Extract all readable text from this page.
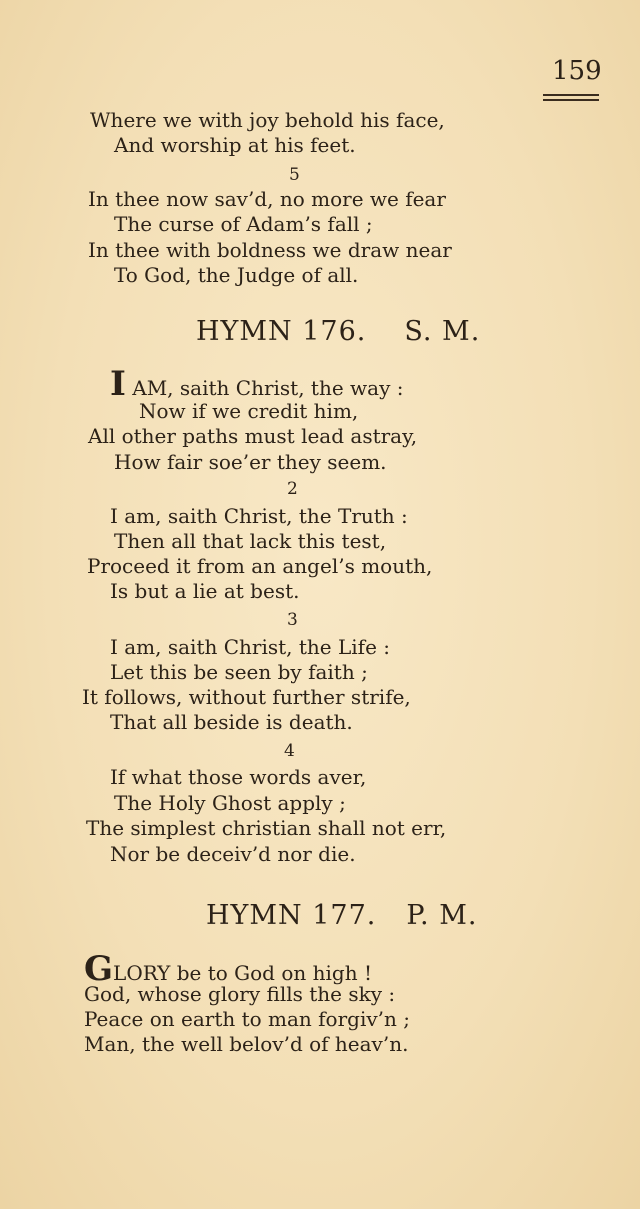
159
Where we with joy behold his face,
And worship at his feet.
5
In thee now sav’d, no more we fear
The curse of Adam’s fall ;
In thee with boldness we draw near
To God, the Judge of all.
HYMN 176. S. M.
I AM, saith Christ, the way :
Now if we credit him,
All other paths must lead astray,
How fair soe’er they seem.
2
I am, saith Christ, the Truth :
Then all that lack this test,
Proceed it from an angel’s mouth,
Is but a lie at best.
3
I am, saith Christ, the Life :
Let this be seen by faith ;
It follows, without further strife,
That all beside is death.
4
If what those words aver,
The Holy Ghost apply ;
The simplest christian shall not err,
Nor be deceiv’d nor die.
HYMN 177. P. M.
GLORY be to God on high !
God, whose glory fills the sky :
Peace on earth to man forgiv’n ;
Man, the well belov’d of heav’n.
